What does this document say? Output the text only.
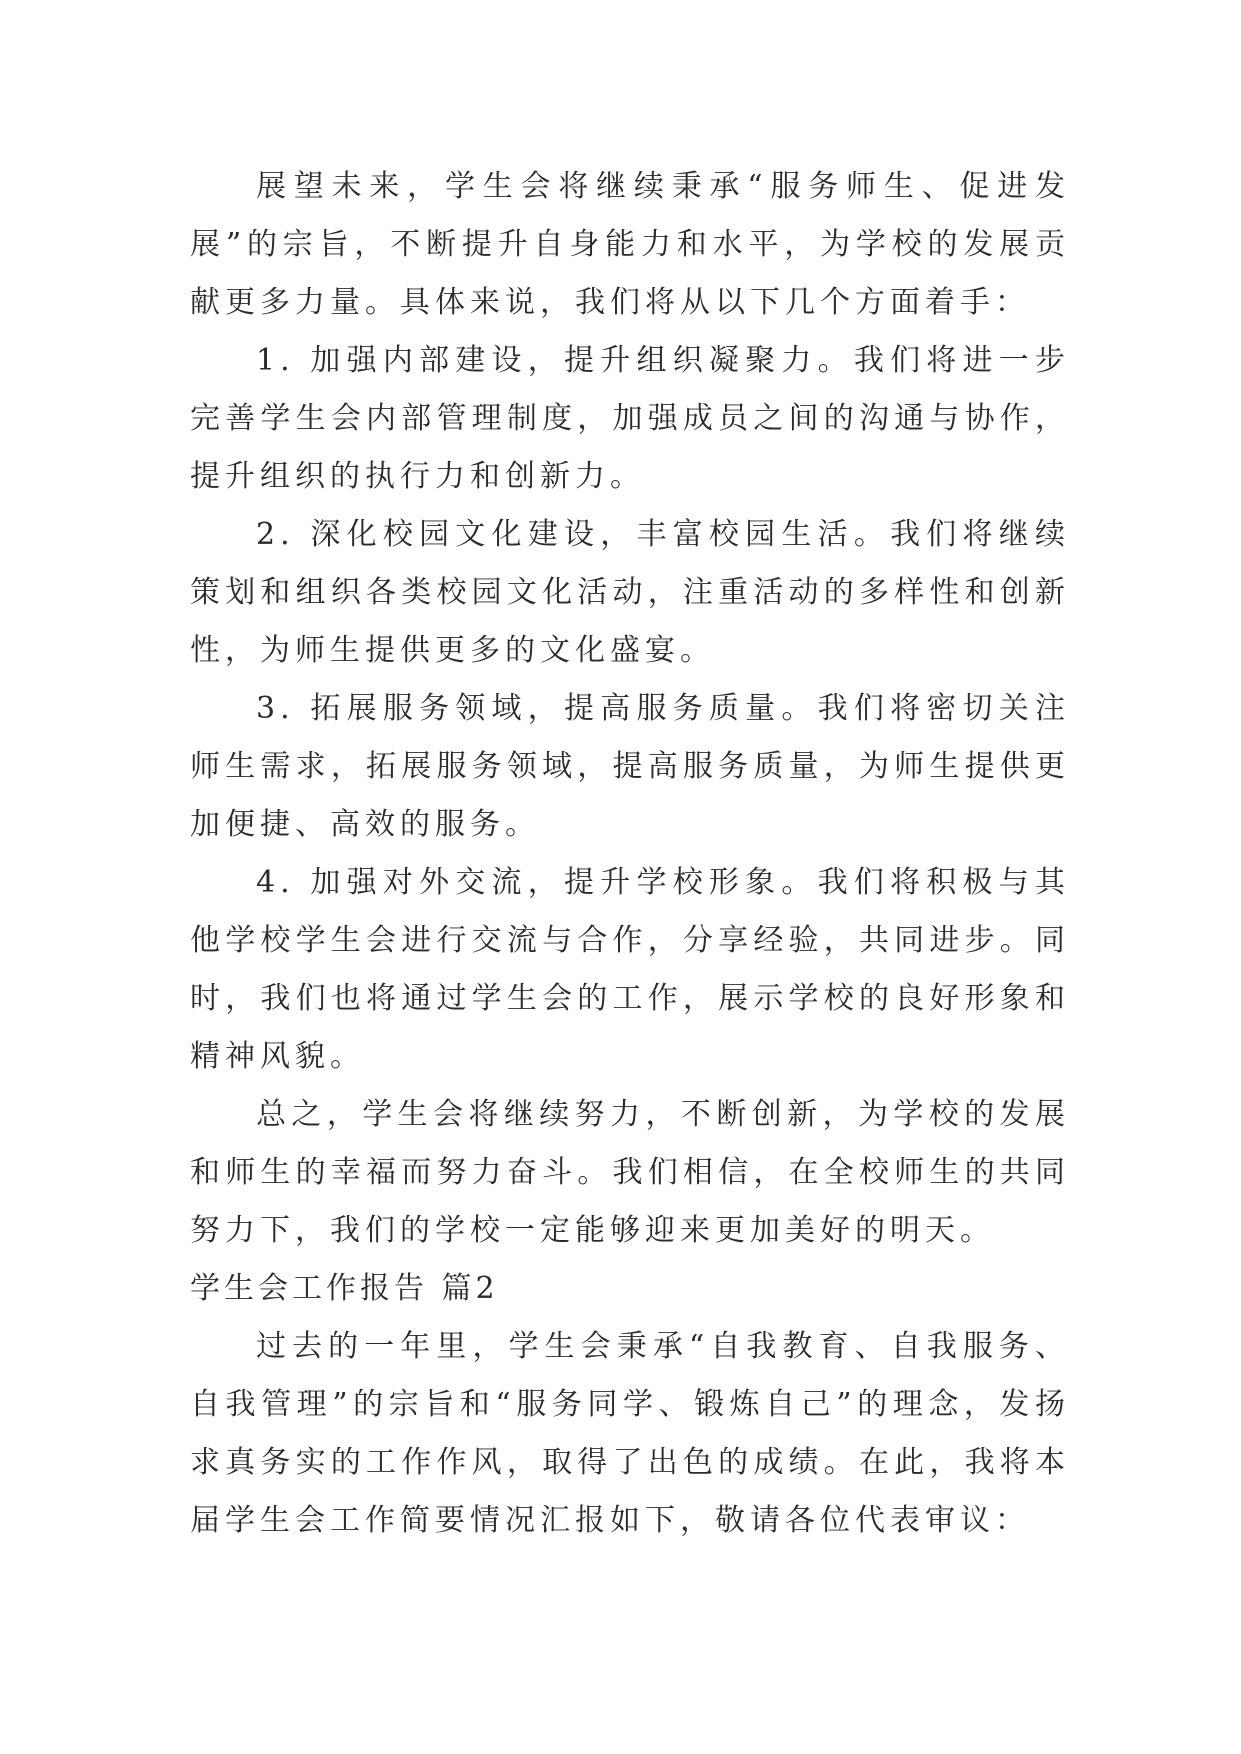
展望未来，学生会将继续秉承“服务师生、促进发展”的宗旨，不断提升自身能力和水平，为学校的发展贡献更多力量。具体来说，我们将从以下几个方面着手：

1. 加强内部建设，提升组织凝聚力。我们将进一步完善学生会内部管理制度，加强成员之间的沟通与协作，提升组织的执行力和创新力。

2. 深化校园文化建设，丰富校园生活。我们将继续策划和组织各类校园文化活动，注重活动的多样性和创新性，为师生提供更多的文化盛宴。

3. 拓展服务领域，提高服务质量。我们将密切关注师生需求，拓展服务领域，提高服务质量，为师生提供更加便捷、高效的服务。

4. 加强对外交流，提升学校形象。我们将积极与其他学校学生会进行交流与合作，分享经验，共同进步。同时，我们也将通过学生会的工作，展示学校的良好形象和精神风貌。

总之，学生会将继续努力，不断创新，为学校的发展和师生的幸福而努力奋斗。我们相信，在全校师生的共同努力下，我们的学校一定能够迎来更加美好的明天。

学生会工作报告 篇2

过去的一年里，学生会秉承“自我教育、自我服务、自我管理”的宗旨和“服务同学、锻炼自己”的理念，发扬求真务实的工作作风，取得了出色的成绩。在此，我将本届学生会工作简要情况汇报如下，敬请各位代表审议：
